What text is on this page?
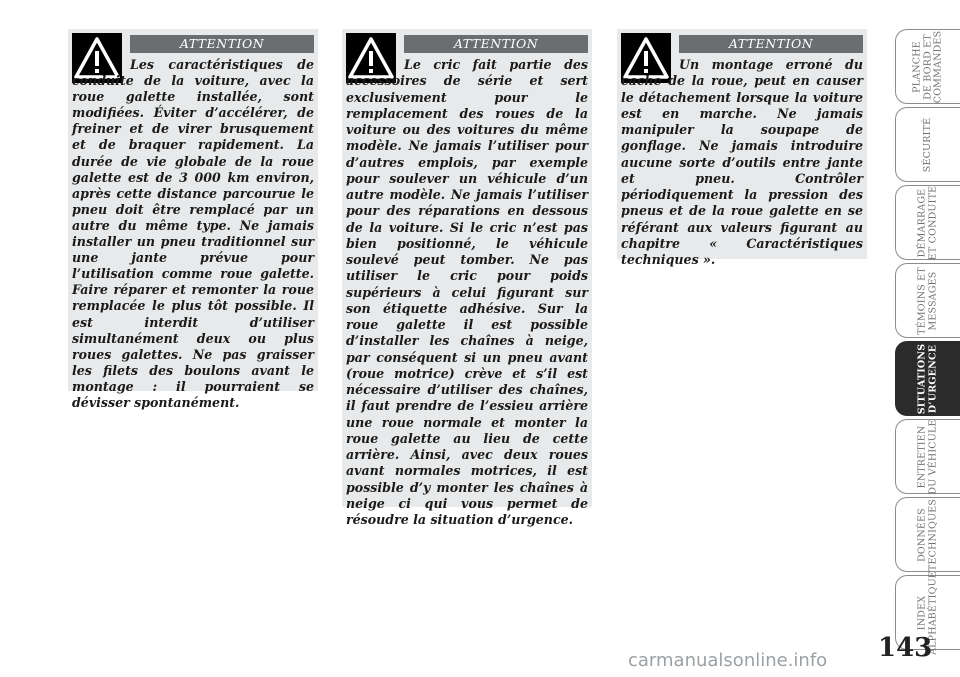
ATTENTION

Les caractéristiques de conduite de la voiture, avec la roue galette installée, sont modifiées. Éviter d’accélérer, de freiner et de virer brusquement et de braquer rapidement. La durée de vie globale de la roue galette est de 3 000 km environ, après cette distance parcourue le pneu doit être remplacé par un autre du même type. Ne jamais installer un pneu traditionnel sur une jante prévue pour l’utilisation comme roue galette. Faire réparer et remonter la roue remplacée le plus tôt possible. Il est interdit d’utiliser simultanément deux ou plus roues galettes. Ne pas graisser les filets des boulons avant le montage : il pourraient se dévisser spontanément.

ATTENTION

Le cric fait partie des accessoires de série et sert exclusivement pour le remplacement des roues de la voiture ou des voitures du même modèle. Ne jamais l’utiliser pour d’autres emplois, par exemple pour soulever un véhicule d’un autre modèle. Ne jamais l’utiliser pour des réparations en dessous de la voiture. Si le cric n’est pas bien positionné, le véhicule soulevé peut tomber. Ne pas utiliser le cric pour poids supérieurs à celui figurant sur son étiquette adhésive. Sur la roue galette il est possible d’installer les chaînes à neige, par conséquent si un pneu avant (roue motrice) crève et s’il est nécessaire d’utiliser des chaînes, il faut prendre de l’essieu arrière une roue normale et monter la roue galette au lieu de cette arrière. Ainsi, avec deux roues avant normales motrices, il est possible d’y monter les chaînes à neige ci qui vous permet de résoudre la situation d’urgence.

ATTENTION

Un montage erroné du cache de la roue, peut en causer le détachement lorsque la voiture est en marche. Ne jamais manipuler la soupape de gonflage. Ne jamais introduire aucune sorte d’outils entre jante et pneu. Contrôler périodiquement la pression des pneus et de la roue galette en se référant aux valeurs figurant au chapitre « Caractéristiques techniques ».

PLANCHE
DE BORD ET
COMMANDES
SÉCURITÉ
DÉMARRAGE
ET CONDUITE
TÉMOINS ET
MESSAGES
SITUATIONS
D’URGENCE
ENTRETIEN
DU VÉHICULE
DONNÉES
TECHNIQUES
INDEX
ALPHABÉTIQUE
143
carmanualsonline.info
